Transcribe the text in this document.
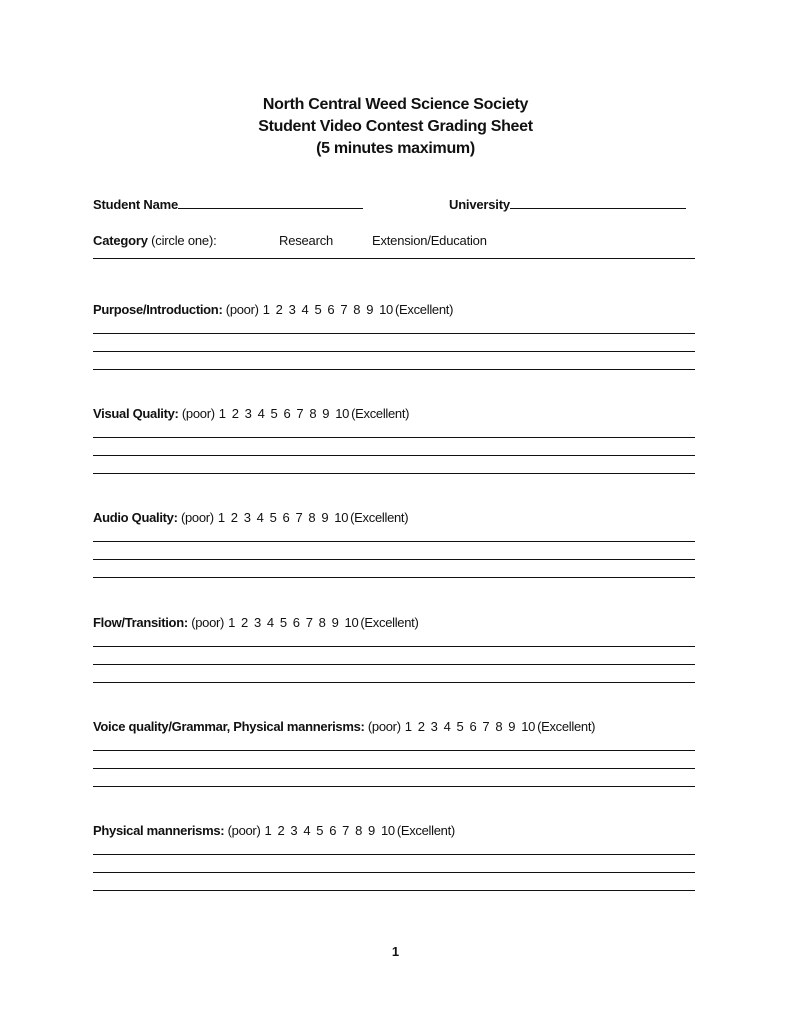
North Central Weed Science Society
Student Video Contest Grading Sheet
(5 minutes maximum)
Student Name	University
Category (circle one):	Research	Extension/Education
Purpose/Introduction: (poor) 1 2 3 4 5 6 7 8 9 10 (Excellent)
Visual Quality: (poor) 1 2 3 4 5 6 7 8 9 10 (Excellent)
Audio Quality: (poor) 1 2 3 4 5 6 7 8 9 10 (Excellent)
Flow/Transition: (poor) 1 2 3 4 5 6 7 8 9 10 (Excellent)
Voice quality/Grammar, Physical mannerisms: (poor) 1 2 3 4 5 6 7 8 9 10 (Excellent)
Physical mannerisms: (poor) 1 2 3 4 5 6 7 8 9 10 (Excellent)
1
